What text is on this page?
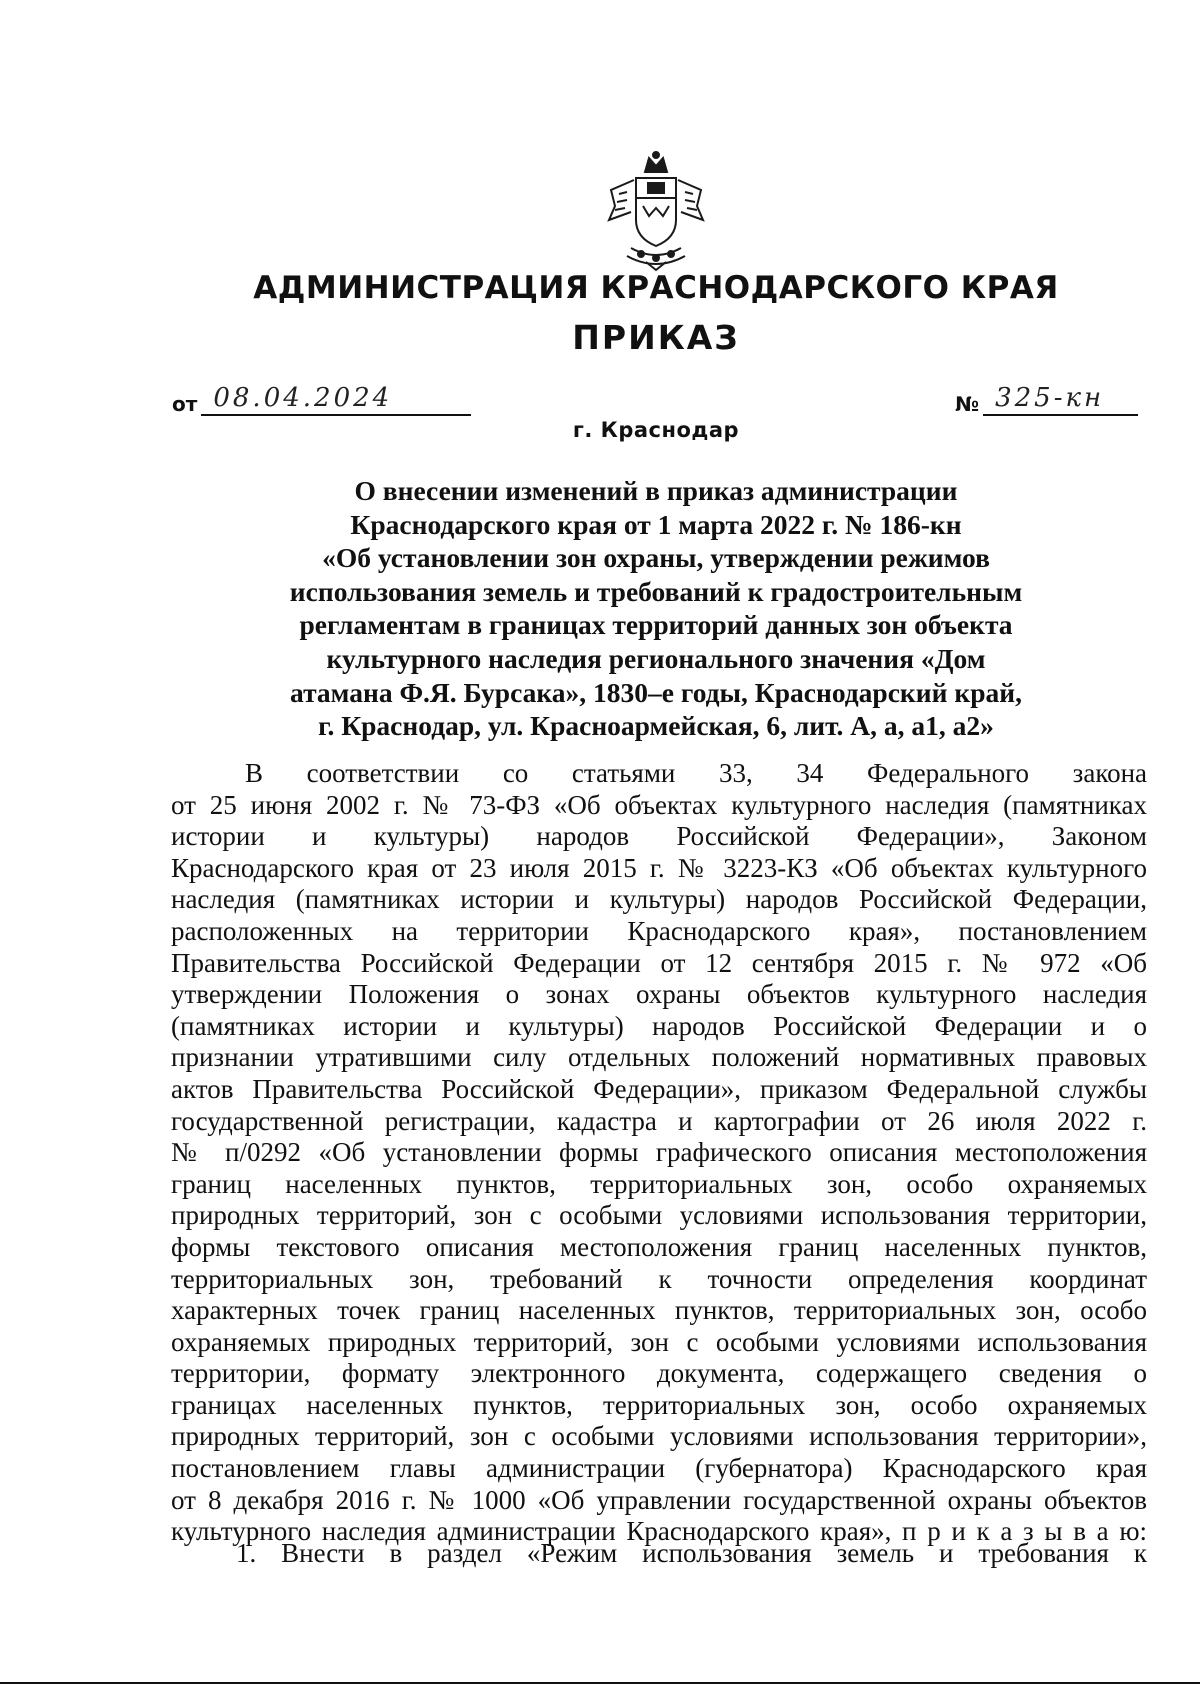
АДМИНИСТРАЦИЯ КРАСНОДАРСКОГО КРАЯ
ПРИКАЗ
от 08.04.2024	№ 325-кн
г. Краснодар
О внесении изменений в приказ администрации
Краснодарского края от 1 марта 2022 г. № 186-кн
«Об установлении зон охраны, утверждении режимов
использования земель и требований к градостроительным
регламентам в границах территорий данных зон объекта
культурного наследия регионального значения «Дом
атамана Ф.Я. Бурсака», 1830–е годы, Краснодарский край,
г. Краснодар, ул. Красноармейская, 6, лит. А, а, а1, а2»
В соответствии со статьями 33, 34 Федерального закона
от 25 июня 2002 г. № 73-ФЗ «Об объектах культурного наследия (памятниках
истории и культуры) народов Российской Федерации», Законом
Краснодарского края от 23 июля 2015 г. № 3223-КЗ «Об объектах культурного
наследия (памятниках истории и культуры) народов Российской Федерации,
расположенных на территории Краснодарского края», постановлением
Правительства Российской Федерации от 12 сентября 2015 г. № 972 «Об
утверждении Положения о зонах охраны объектов культурного наследия
(памятниках истории и культуры) народов Российской Федерации и о
признании утратившими силу отдельных положений нормативных правовых
актов Правительства Российской Федерации», приказом Федеральной службы
государственной регистрации, кадастра и картографии от 26 июля 2022 г.
№ п/0292 «Об установлении формы графического описания местоположения
границ населенных пунктов, территориальных зон, особо охраняемых
природных территорий, зон с особыми условиями использования территории,
формы текстового описания местоположения границ населенных пунктов,
территориальных зон, требований к точности определения координат
характерных точек границ населенных пунктов, территориальных зон, особо
охраняемых природных территорий, зон с особыми условиями использования
территории, формату электронного документа, содержащего сведения о
границах населенных пунктов, территориальных зон, особо охраняемых
природных территорий, зон с особыми условиями использования территории»,
постановлением главы администрации (губернатора) Краснодарского края
от 8 декабря 2016 г. № 1000 «Об управлении государственной охраны объектов
культурного наследия администрации Краснодарского края», п р и к а з ы в а ю:
1. Внести в раздел «Режим использования земель и требования к
